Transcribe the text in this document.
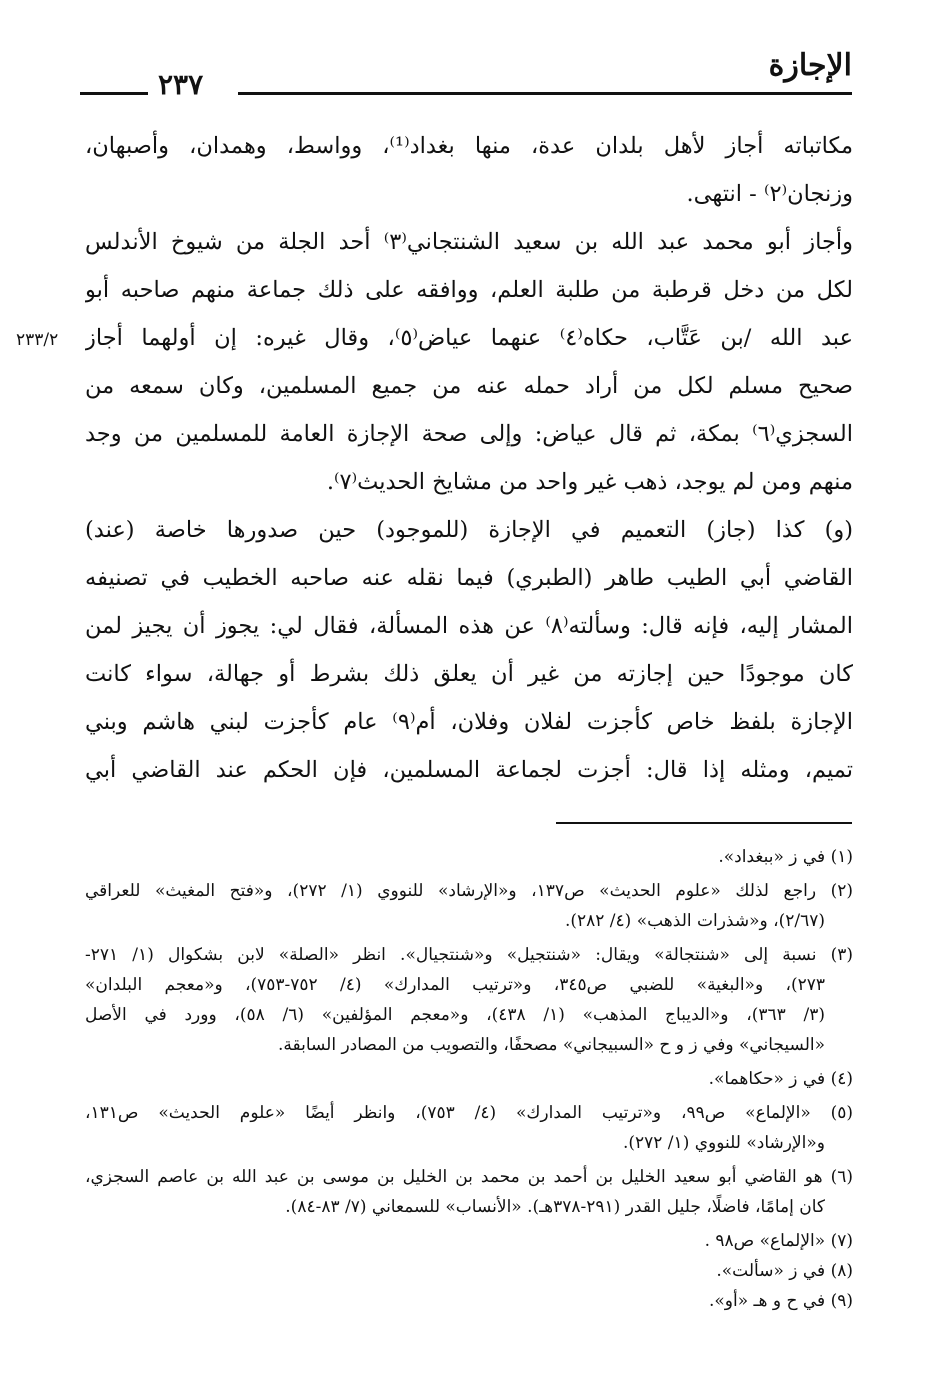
الإجازة
٢٣٧
٢٣٣/٢
مكاتباته أجاز لأهل بلدان عدة، منها بغداد⁽¹⁾، وواسط، وهمدان، وأصبهان،
وزنجان⁽٢⁾ - انتهى.
وأجاز أبو محمد عبد الله بن سعيد الشنتجاني⁽٣⁾ أحد الجلة من شيوخ الأندلس
لكل من دخل قرطبة من طلبة العلم، ووافقه على ذلك جماعة منهم صاحبه أبو
عبد الله /بن عَتَّاب، حكاه⁽٤⁾ عنهما عياض⁽٥⁾، وقال غيره: إن أولهما أجاز
صحيح مسلم لكل من أراد حمله عنه من جميع المسلمين، وكان سمعه من
السجزي⁽٦⁾ بمكة، ثم قال عياض: وإلى صحة الإجازة العامة للمسلمين من وجد
منهم ومن لم يوجد، ذهب غير واحد من مشايخ الحديث⁽٧⁾.
(و) كذا (جاز) التعميم في الإجازة (للموجود) حين صدورها خاصة (عند)
القاضي أبي الطيب طاهر (الطبري) فيما نقله عنه صاحبه الخطيب في تصنيفه
المشار إليه، فإنه قال: وسألته⁽٨⁾ عن هذه المسألة، فقال لي: يجوز أن يجيز لمن
كان موجودًا حين إجازته من غير أن يعلق ذلك بشرط أو جهالة، سواء كانت
الإجازة بلفظ خاص كأجزت لفلان وفلان، أم⁽٩⁾ عام كأجزت لبني هاشم وبني
تميم، ومثله إذا قال: أجزت لجماعة المسلمين، فإن الحكم عند القاضي أبي
(١) في ز «ببغداد».
(٢) راجع لذلك «علوم الحديث» ص١٣٧، و«الإرشاد» للنووي (١/ ٢٧٢)، و«فتح المغيث» للعراقي
(٢/٦٧)، و«شذرات الذهب» (٤/ ٢٨٢).
(٣) نسبة إلى «شنتجالة» ويقال: «شنتجيل» و«شنتجيال». انظر «الصلة» لابن بشكوال (١/ ٢٧١-
٢٧٣)، و«البغية» للضبي ص٣٤٥، و«ترتيب المدارك» (٤/ ٧٥٢-٧٥٣)، و«معجم البلدان»
(٣/ ٣٦٣)، و«الديباج المذهب» (١/ ٤٣٨)، و«معجم المؤلفين» (٦/ ٥٨)، وورد في الأصل
«السيجاني» وفي ز و ح «السبيجاني» مصحفًا، والتصويب من المصادر السابقة.
(٤) في ز «حكاهما».
(٥) «الإلماع» ص٩٩، و«ترتيب المدارك» (٤/ ٧٥٣)، وانظر أيضًا «علوم الحديث» ص١٣١،
و«الإرشاد» للنووي (١/ ٢٧٢).
(٦) هو القاضي أبو سعيد الخليل بن أحمد بن محمد بن الخليل بن موسى بن عبد الله بن عاصم السجزي،
كان إمامًا، فاضلًا، جليل القدر (٢٩١-٣٧٨هـ). «الأنساب» للسمعاني (٧/ ٨٣-٨٤).
(٧) «الإلماع» ص٩٨ .
(٨) في ز «سألت».
(٩) في ح و هـ «أو».
